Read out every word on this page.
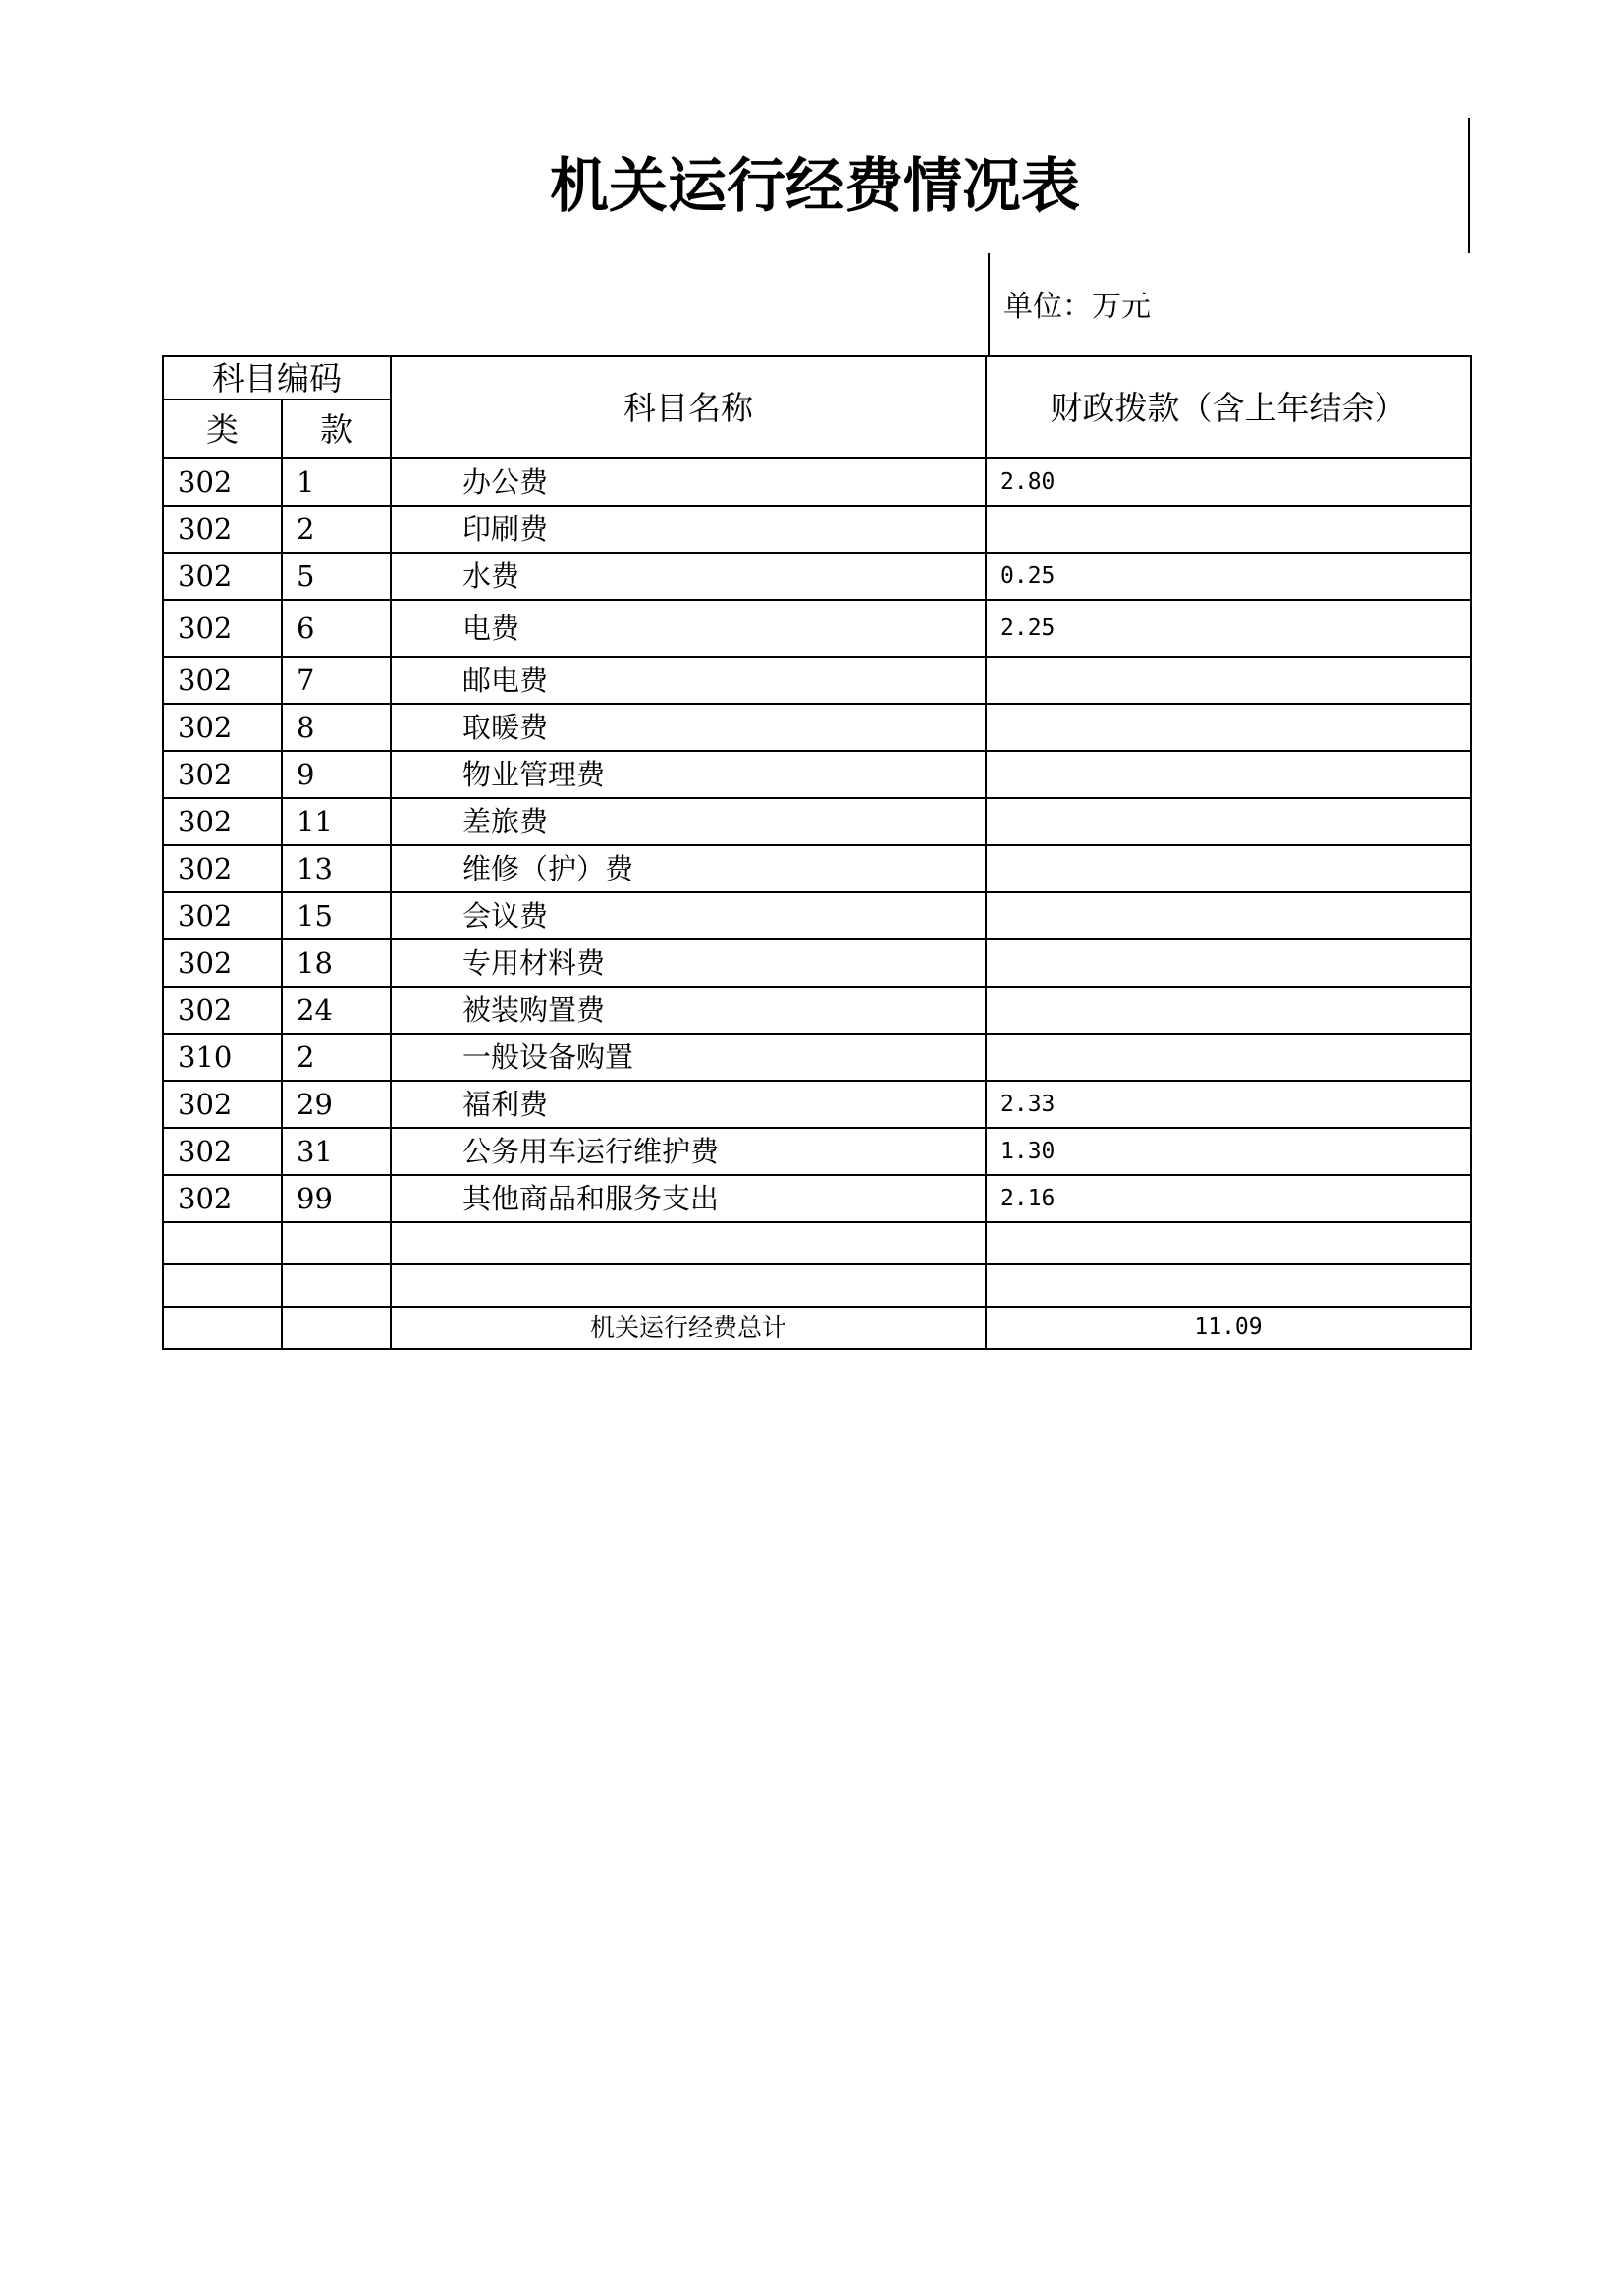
机关运行经费情况表
单位：万元
科目编码		科目名称	财政拨款（含上年结余）
类	款		
302	1	办公费	2.80
302	2	印刷费	
302	5	水费	0.25
302	6	电费	2.25
302	7	邮电费	
302	8	取暖费	
302	9	物业管理费	
302	11	差旅费	
302	13	维修（护）费	
302	15	会议费	
302	18	专用材料费	
302	24	被装购置费	
310	2	一般设备购置	
302	29	福利费	2.33
302	31	公务用车运行维护费	1.30
302	99	其他商品和服务支出	2.16

		机关运行经费总计	11.09
